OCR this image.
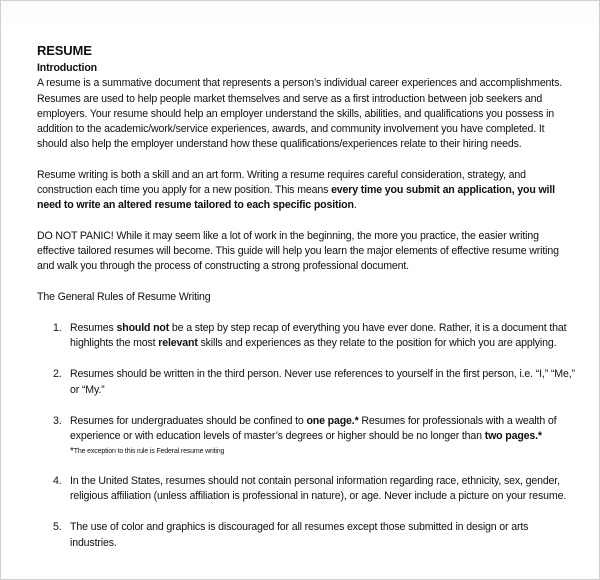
RESUME
Introduction

A resume is a summative document that represents a person’s individual career experiences and accomplishments. Resumes are used to help people market themselves and serve as a first introduction between job seekers and employers. Your resume should help an employer understand the skills, abilities, and qualifications you possess in addition to the academic/work/service experiences, awards, and community involvement you have completed. It should also help the employer understand how these qualifications/experiences relate to their hiring needs.

Resume writing is both a skill and an art form. Writing a resume requires careful consideration, strategy, and construction each time you apply for a new position. This means every time you submit an application, you will need to write an altered resume tailored to each specific position.

DO NOT PANIC! While it may seem like a lot of work in the beginning, the more you practice, the easier writing effective tailored resumes will become. This guide will help you learn the major elements of effective resume writing and walk you through the process of constructing a strong professional document.

The General Rules of Resume Writing

1. Resumes should not be a step by step recap of everything you have ever done. Rather, it is a document that highlights the most relevant skills and experiences as they relate to the position for which you are applying.
2. Resumes should be written in the third person. Never use references to yourself in the first person, i.e. “I,” “Me,” or “My.”
3. Resumes for undergraduates should be confined to one page.* Resumes for professionals with a wealth of experience or with education levels of master’s degrees or higher should be no longer than two pages.*
*The exception to this rule is Federal resume writing
4. In the United States, resumes should not contain personal information regarding race, ethnicity, sex, gender, religious affiliation (unless affiliation is professional in nature), or age. Never include a picture on your resume.
5. The use of color and graphics is discouraged for all resumes except those submitted in design or arts industries.
